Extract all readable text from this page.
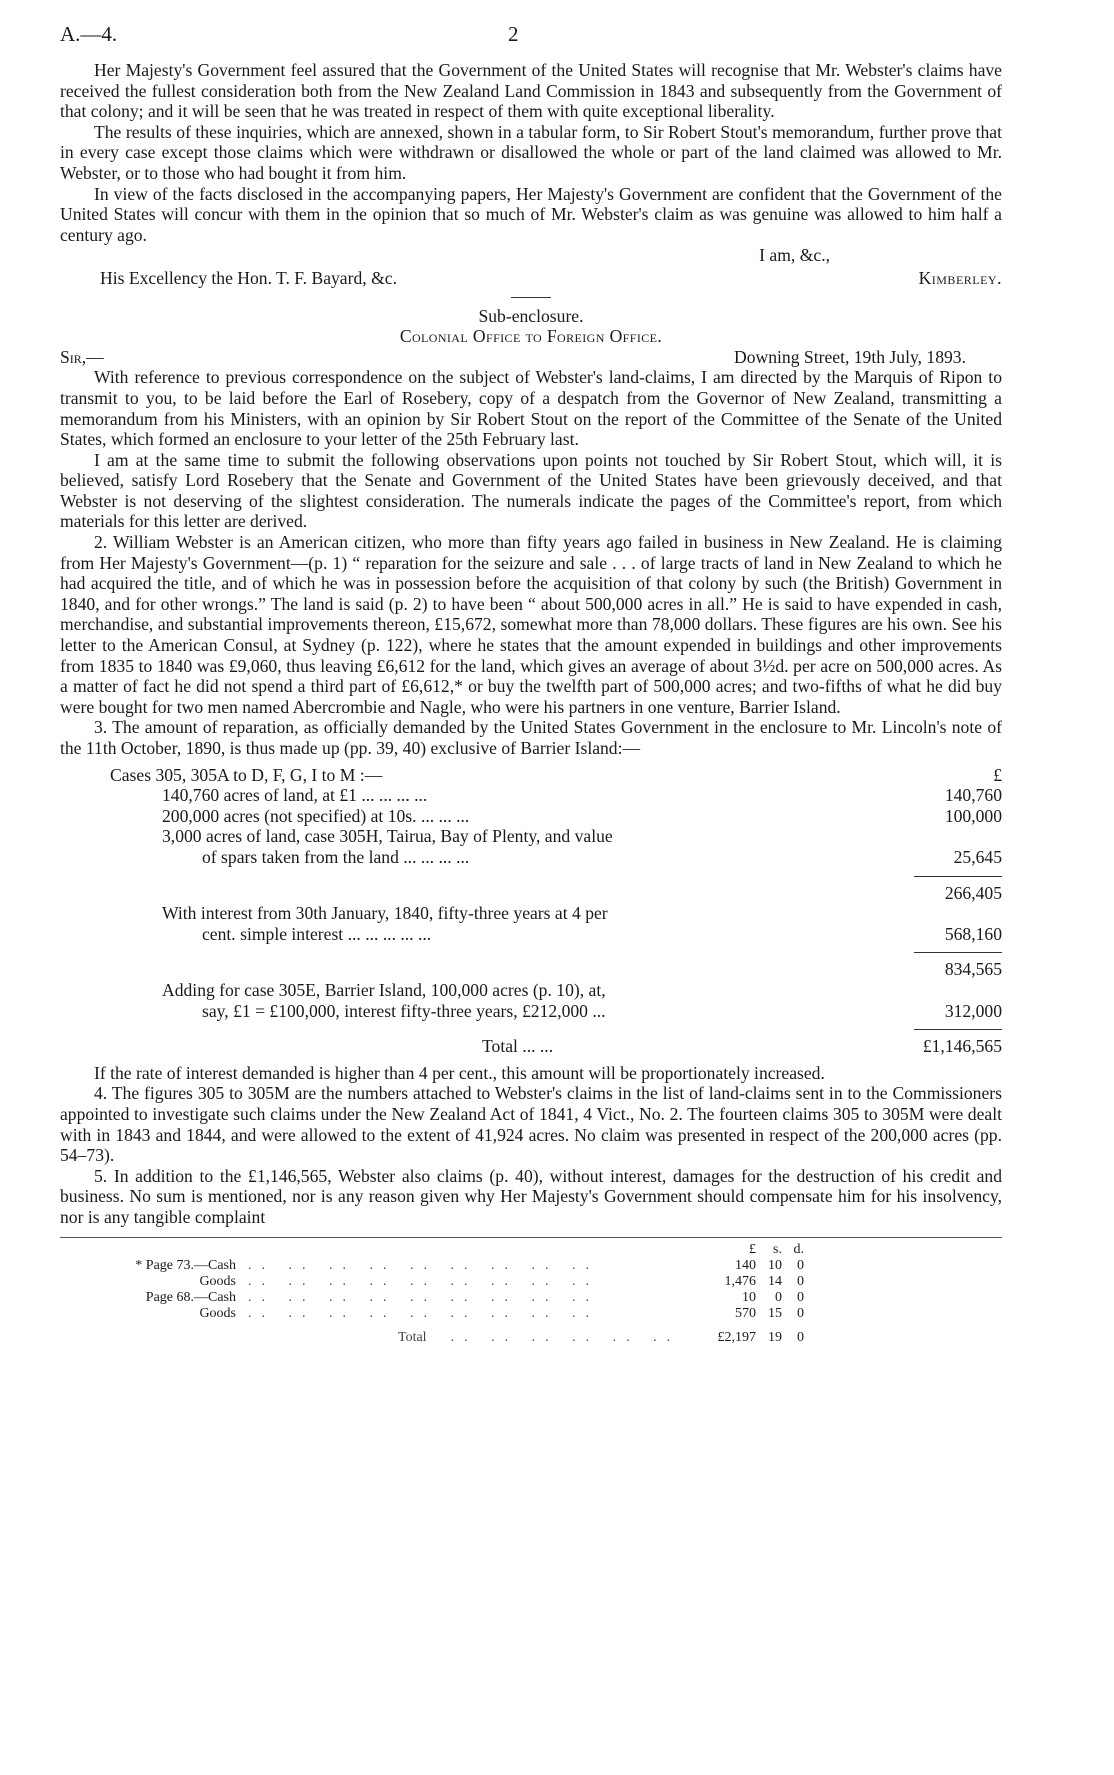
A.—4.	2

Her Majesty's Government feel assured that the Government of the United States will recognise that Mr. Webster's claims have received the fullest consideration both from the New Zealand Land Commission in 1843 and subsequently from the Government of that colony; and it will be seen that he was treated in respect of them with quite exceptional liberality.

The results of these inquiries, which are annexed, shown in a tabular form, to Sir Robert Stout's memorandum, further prove that in every case except those claims which were withdrawn or disallowed the whole or part of the land claimed was allowed to Mr. Webster, or to those who had bought it from him.

In view of the facts disclosed in the accompanying papers, Her Majesty's Government are confident that the Government of the United States will concur with them in the opinion that so much of Mr. Webster's claim as was genuine was allowed to him half a century ago.

I am, &c.,
His Excellency the Hon. T. F. Bayard, &c.	Kimberley.
Sub-enclosure.
Colonial Office to Foreign Office.
Sir,—	Downing Street, 19th July, 1893.

With reference to previous correspondence on the subject of Webster's land-claims, I am directed by the Marquis of Ripon to transmit to you, to be laid before the Earl of Rosebery, copy of a despatch from the Governor of New Zealand, transmitting a memorandum from his Ministers, with an opinion by Sir Robert Stout on the report of the Committee of the Senate of the United States, which formed an enclosure to your letter of the 25th February last.

I am at the same time to submit the following observations upon points not touched by Sir Robert Stout, which will, it is believed, satisfy Lord Rosebery that the Senate and Government of the United States have been grievously deceived, and that Webster is not deserving of the slightest consideration. The numerals indicate the pages of the Committee's report, from which materials for this letter are derived.

2. William Webster is an American citizen, who more than fifty years ago failed in business in New Zealand. He is claiming from Her Majesty's Government—(p. 1) “ reparation for the seizure and sale . . . of large tracts of land in New Zealand to which he had acquired the title, and of which he was in possession before the acquisition of that colony by such (the British) Government in 1840, and for other wrongs.” The land is said (p. 2) to have been “ about 500,000 acres in all.” He is said to have expended in cash, merchandise, and substantial improvements thereon, £15,672, somewhat more than 78,000 dollars. These figures are his own. See his letter to the American Consul, at Sydney (p. 122), where he states that the amount expended in buildings and other improvements from 1835 to 1840 was £9,060, thus leaving £6,612 for the land, which gives an average of about 3½d. per acre on 500,000 acres. As a matter of fact he did not spend a third part of £6,612,* or buy the twelfth part of 500,000 acres; and two-fifths of what he did buy were bought for two men named Abercrombie and Nagle, who were his partners in one venture, Barrier Island.

3. The amount of reparation, as officially demanded by the United States Government in the enclosure to Mr. Lincoln's note of the 11th October, 1890, is thus made up (pp. 39, 40) exclusive of Barrier Island:—

Cases 305, 305A to D, F, G, I to M :—	£
140,760 acres of land, at £1 ... ... ... ...	140,760
200,000 acres (not specified) at 10s. ... ... ...	100,000
3,000 acres of land, case 305H, Tairua, Bay of Plenty, and value	
of spars taken from the land ... ... ... ...	25,645

	266,405
With interest from 30th January, 1840, fifty-three years at 4 per	
cent. simple interest ... ... ... ... ...	568,160

	834,565
Adding for case 305E, Barrier Island, 100,000 acres (p. 10), at,	
say, £1 = £100,000, interest fifty-three years, £212,000 ...	312,000

Total ... ...	£1,146,565

If the rate of interest demanded is higher than 4 per cent., this amount will be proportionately increased.

4. The figures 305 to 305M are the numbers attached to Webster's claims in the list of land-claims sent in to the Commissioners appointed to investigate such claims under the New Zealand Act of 1841, 4 Vict., No. 2. The fourteen claims 305 to 305M were dealt with in 1843 and 1844, and were allowed to the extent of 41,924 acres. No claim was presented in respect of the 200,000 acres (pp. 54–73).

5. In addition to the £1,146,565, Webster also claims (p. 40), without interest, damages for the destruction of his credit and business. No sum is mentioned, nor is any reason given why Her Majesty's Government should compensate him for his insolvency, nor is any tangible complaint

		£	s.	d.
* Page 73.—Cash	.. .. .. .. .. .. .. .. ..	140	10	0
Goods	.. .. .. .. .. .. .. .. ..	1,476	14	0
Page 68.—Cash	.. .. .. .. .. .. .. .. ..	10	0	0
Goods	.. .. .. .. .. .. .. .. ..	570	15	0
	Total .. .. .. .. .. ..	£2,197	19	0
